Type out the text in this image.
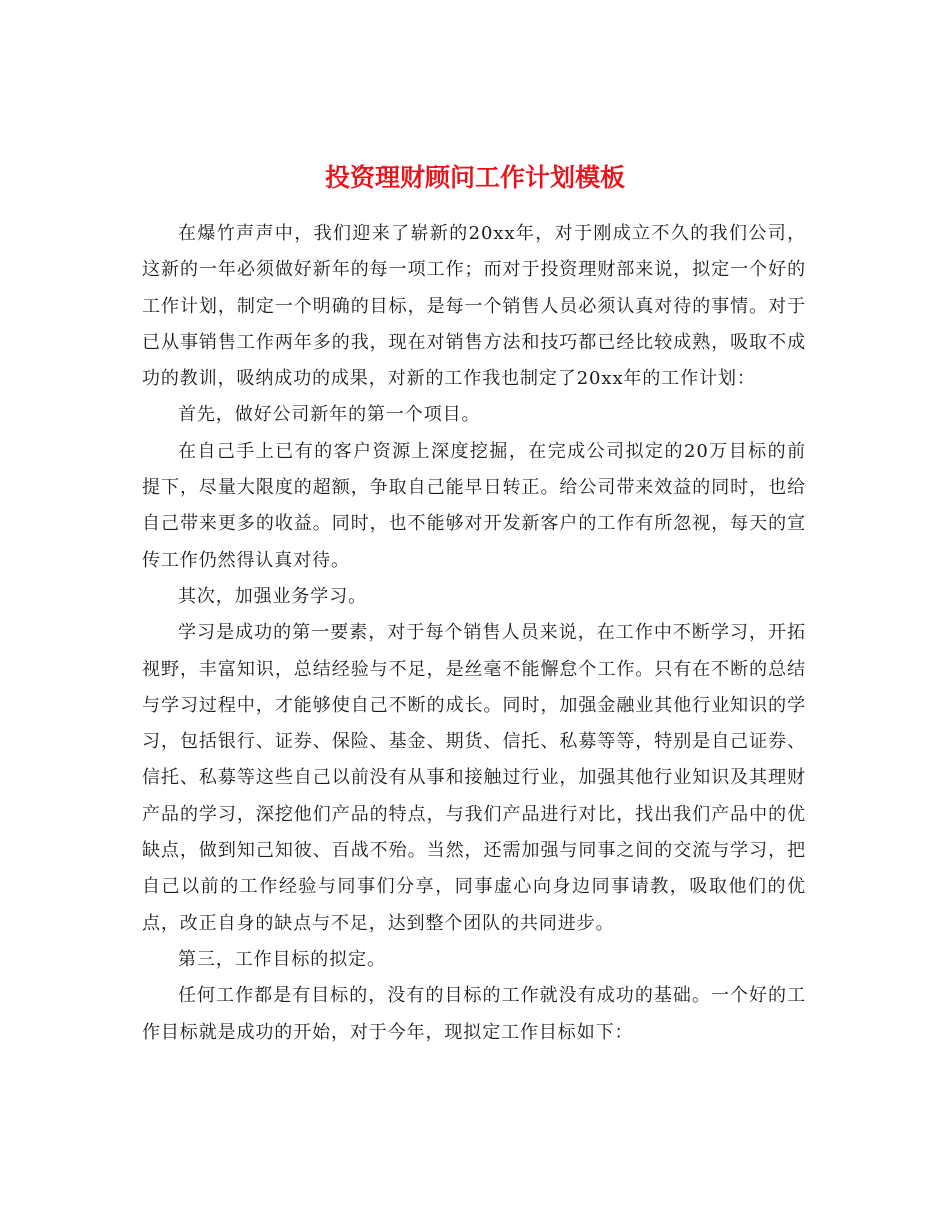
投资理财顾问工作计划模板

在爆竹声声中，我们迎来了崭新的20xx年，对于刚成立不久的我们公司，这新的一年必须做好新年的每一项工作；而对于投资理财部来说，拟定一个好的工作计划，制定一个明确的目标，是每一个销售人员必须认真对待的事情。对于已从事销售工作两年多的我，现在对销售方法和技巧都已经比较成熟，吸取不成功的教训，吸纳成功的成果，对新的工作我也制定了20xx年的工作计划：

首先，做好公司新年的第一个项目。

在自己手上已有的客户资源上深度挖掘，在完成公司拟定的20万目标的前提下，尽量大限度的超额，争取自己能早日转正。给公司带来效益的同时，也给自己带来更多的收益。同时，也不能够对开发新客户的工作有所忽视，每天的宣传工作仍然得认真对待。

其次，加强业务学习。

学习是成功的第一要素，对于每个销售人员来说，在工作中不断学习，开拓视野，丰富知识，总结经验与不足，是丝毫不能懈怠个工作。只有在不断的总结与学习过程中，才能够使自己不断的成长。同时，加强金融业其他行业知识的学习，包括银行、证券、保险、基金、期货、信托、私募等等，特别是自己证券、信托、私募等这些自己以前没有从事和接触过行业，加强其他行业知识及其理财产品的学习，深挖他们产品的特点，与我们产品进行对比，找出我们产品中的优缺点，做到知己知彼、百战不殆。当然，还需加强与同事之间的交流与学习，把自己以前的工作经验与同事们分享，同事虚心向身边同事请教，吸取他们的优点，改正自身的缺点与不足，达到整个团队的共同进步。

第三，工作目标的拟定。

任何工作都是有目标的，没有的目标的工作就没有成功的基础。一个好的工作目标就是成功的开始，对于今年，现拟定工作目标如下：
